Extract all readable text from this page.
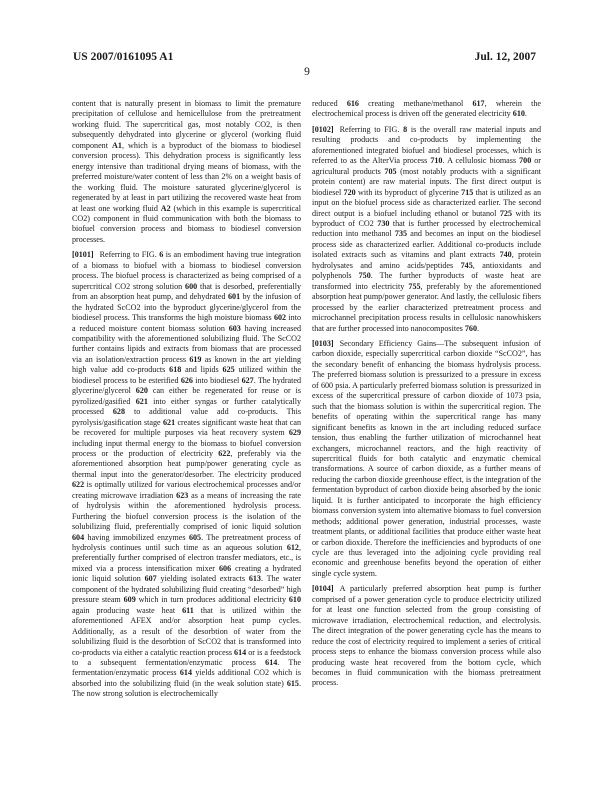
US 2007/0161095 A1	Jul. 12, 2007
9

content that is naturally present in biomass to limit the premature precipitation of cellulose and hemicellulose from the pretreatment working fluid. The supercritical gas, most notably CO2, is then subsequently dehydrated into glycerine or glycerol (working fluid component A1, which is a byproduct of the biomass to biodiesel conversion process). This dehydration process is significantly less energy intensive than traditional drying means of biomass, with the preferred moisture/water content of less than 2% on a weight basis of the working fluid. The moisture saturated glycerine/glycerol is regenerated by at least in part utilizing the recovered waste heat from at least one working fluid A2 (which in this example is supercritical CO2) component in fluid communication with both the biomass to biofuel conversion process and biomass to biodiesel conversion processes.

[0101] Referring to FIG. 6 is an embodiment having true integration of a biomass to biofuel with a biomass to biodiesel conversion process. The biofuel process is characterized as being comprised of a supercritical CO2 strong solution 600 that is desorbed, preferentially from an absorption heat pump, and dehydrated 601 by the infusion of the hydrated ScCO2 into the byproduct glycerine/glycerol from the biodiesel process. This transforms the high moisture biomass 602 into a reduced moisture content biomass solution 603 having increased compatibility with the aforementioned solubilizing fluid. The ScCO2 further contains lipids and extracts from biomass that are processed via an isolation/extraction process 619 as known in the art yielding high value add co-products 618 and lipids 625 utilized within the biodiesel process to be esterified 626 into biodiesel 627. The hydrated glycerine/glycerol 620 can either be regenerated for reuse or is pyrolized/gasified 621 into either syngas or further catalytically processed 628 to additional value add co-products. This pyrolysis/gasification stage 621 creates significant waste heat that can be recovered for multiple purposes via heat recovery system 629 including input thermal energy to the biomass to biofuel conversion process or the production of electricity 622, preferably via the aforementioned absorption heat pump/power generating cycle as thermal input into the generator/desorber. The electricity produced 622 is optimally utilized for various electrochemical processes and/or creating microwave irradiation 623 as a means of increasing the rate of hydrolysis within the aforementioned hydrolysis process. Furthering the biofuel conversion process is the isolation of the solubilizing fluid, preferentially comprised of ionic liquid solution 604 having immobilized enzymes 605. The pretreatment process of hydrolysis continues until such time as an aqueous solution 612, preferentially further comprised of electron transfer mediators, etc., is mixed via a process intensification mixer 606 creating a hydrated ionic liquid solution 607 yielding isolated extracts 613. The water component of the hydrated solubilizing fluid creating “desorbed” high pressure steam 609 which in turn produces additional electricity 610 again producing waste heat 611 that is utilized within the aforementioned AFEX and/or absorption heat pump cycles. Additionally, as a result of the desorbtion of water from the solubilizing fluid is the desorbtion of ScCO2 that is transformed into co-products via either a catalytic reaction process 614 or is a feedstock to a subsequent fermentation/enzymatic process 614. The fermentation/enzymatic process 614 yields additional CO2 which is absorbed into the solubilizing fluid (in the weak solution state) 615. The now strong solution is electrochemically

reduced 616 creating methane/methanol 617, wherein the electrochemical process is driven off the generated electricity 610.

[0102] Referring to FIG. 8 is the overall raw material inputs and resulting products and co-products by implementing the aforementioned integrated biofuel and biodiesel processes, which is referred to as the AlterVia process 710. A cellulosic biomass 700 or agricultural products 705 (most notably products with a significant protein content) are raw material inputs. The first direct output is biodiesel 720 with its byproduct of glycerine 715 that is utilized as an input on the biofuel process side as characterized earlier. The second direct output is a biofuel including ethanol or butanol 725 with its byproduct of CO2 730 that is further processed by electrochemical reduction into methanol 735 and becomes an input on the biodiesel process side as characterized earlier. Additional co-products include isolated extracts such as vitamins and plant extracts 740, protein hydrolysates and amino acids/peptides 745, antioxidants and polyphenols 750. The further byproducts of waste heat are transformed into electricity 755, preferably by the aforementioned absorption heat pump/power generator. And lastly, the cellulosic fibers processed by the earlier characterized pretreatment process and microchannel precipitation process results in cellulosic nanowhiskers that are further processed into nanocomposites 760.

[0103] Secondary Efficiency Gains—The subsequent infusion of carbon dioxide, especially supercritical carbon dioxide “ScCO2”, has the secondary benefit of enhancing the biomass hydrolysis process. The preferred biomass solution is pressurized to a pressure in excess of 600 psia. A particularly preferred biomass solution is pressurized in excess of the supercritical pressure of carbon dioxide of 1073 psia, such that the biomass solution is within the supercritical region. The benefits of operating within the supercritical range has many significant benefits as known in the art including reduced surface tension, thus enabling the further utilization of microchannel heat exchangers, microchannel reactors, and the high reactivity of supercritical fluids for both catalytic and enzymatic chemical transformations. A source of carbon dioxide, as a further means of reducing the carbon dioxide greenhouse effect, is the integration of the fermentation byproduct of carbon dioxide being absorbed by the ionic liquid. It is further anticipated to incorporate the high efficiency biomass conversion system into alternative biomass to fuel conversion methods; additional power generation, industrial processes, waste treatment plants, or additional facilities that produce either waste heat or carbon dioxide. Therefore the inefficiencies and byproducts of one cycle are thus leveraged into the adjoining cycle providing real economic and greenhouse benefits beyond the operation of either single cycle system.

[0104] A particularly preferred absorption heat pump is further comprised of a power generation cycle to produce electricity utilized for at least one function selected from the group consisting of microwave irradiation, electrochemical reduction, and electrolysis. The direct integration of the power generating cycle has the means to reduce the cost of electricity required to implement a series of critical process steps to enhance the biomass conversion process while also producing waste heat recovered from the bottom cycle, which becomes in fluid communication with the biomass pretreatment process.
